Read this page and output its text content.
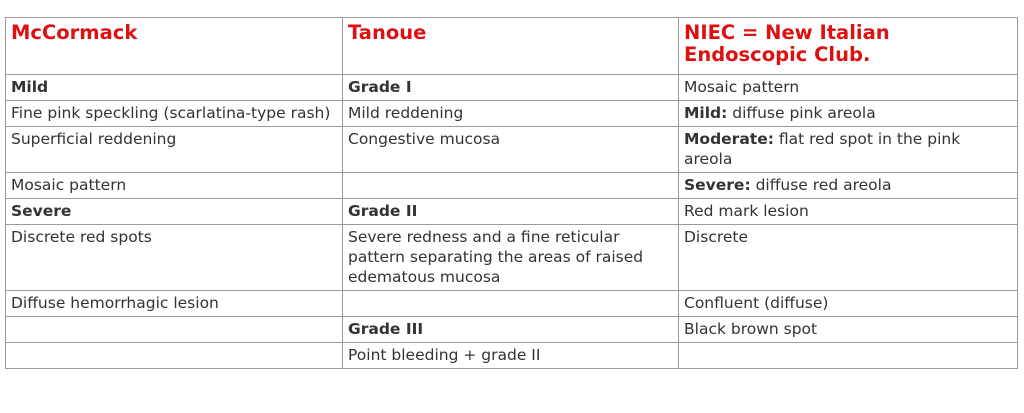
McCormack	Tanoue	NIEC = New Italian Endoscopic Club.
Mild	Grade I	Mosaic pattern
Fine pink speckling (scarlatina-type rash)	Mild reddening	Mild: diffuse pink areola
Superficial reddening	Congestive mucosa	Moderate: flat red spot in the pink areola
Mosaic pattern		Severe: diffuse red areola
Severe	Grade II	Red mark lesion
Discrete red spots	Severe redness and a fine reticular pattern separating the areas of raised edematous mucosa	Discrete
Diffuse hemorrhagic lesion		Confluent (diffuse)
	Grade III	Black brown spot
	Point bleeding + grade II	
